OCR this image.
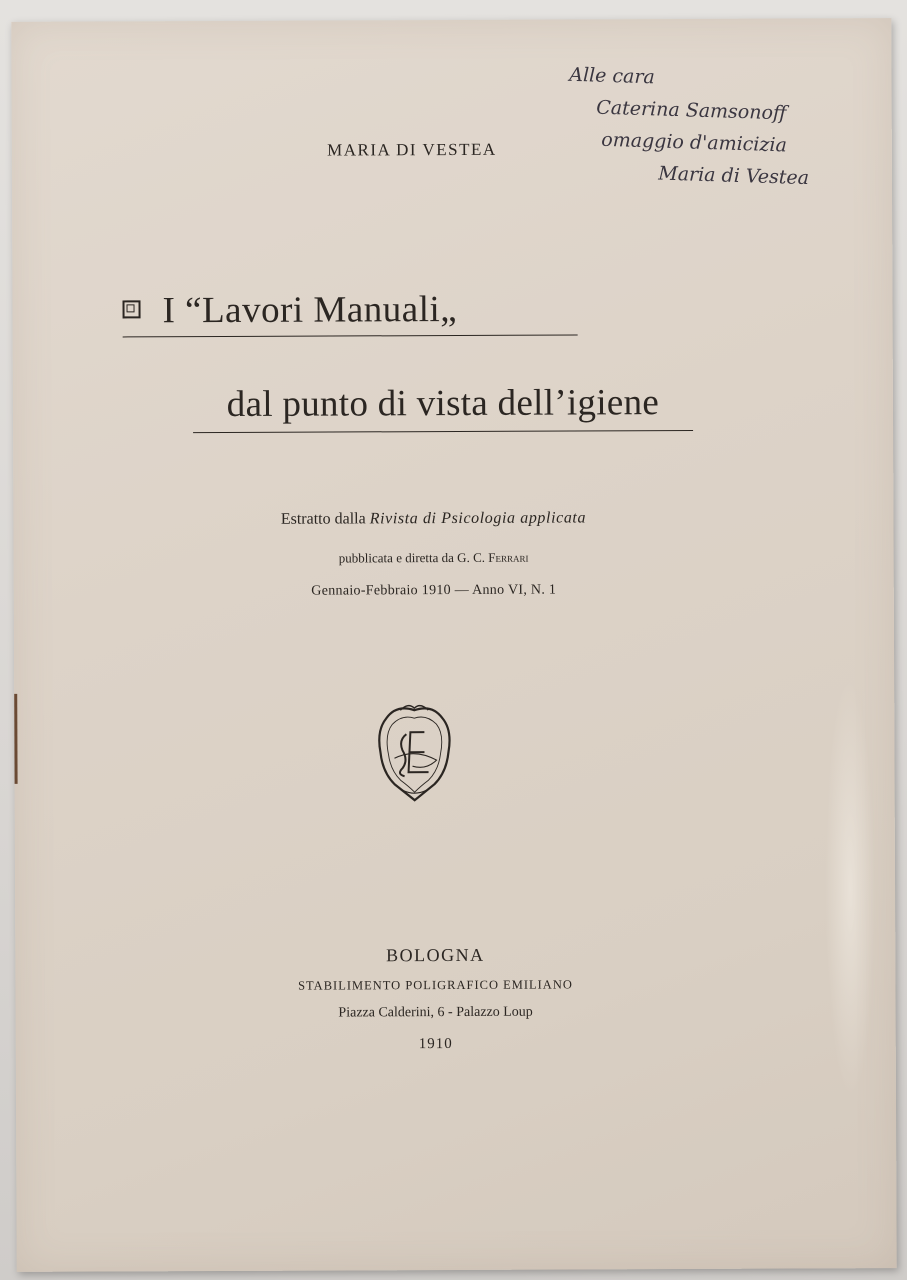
Alle cara
Caterina Samsonoff
omaggio d'amicizia
Maria di Vestea
MARIA DI VESTEA
I “Lavori Manuali„
dal punto di vista dell’igiene
Estratto dalla Rivista di Psicologia applicata
pubblicata e diretta da G. C. Ferrari
Gennaio-Febbraio 1910 — Anno VI, N. 1
BOLOGNA
STABILIMENTO POLIGRAFICO EMILIANO
Piazza Calderini, 6 - Palazzo Loup
1910
